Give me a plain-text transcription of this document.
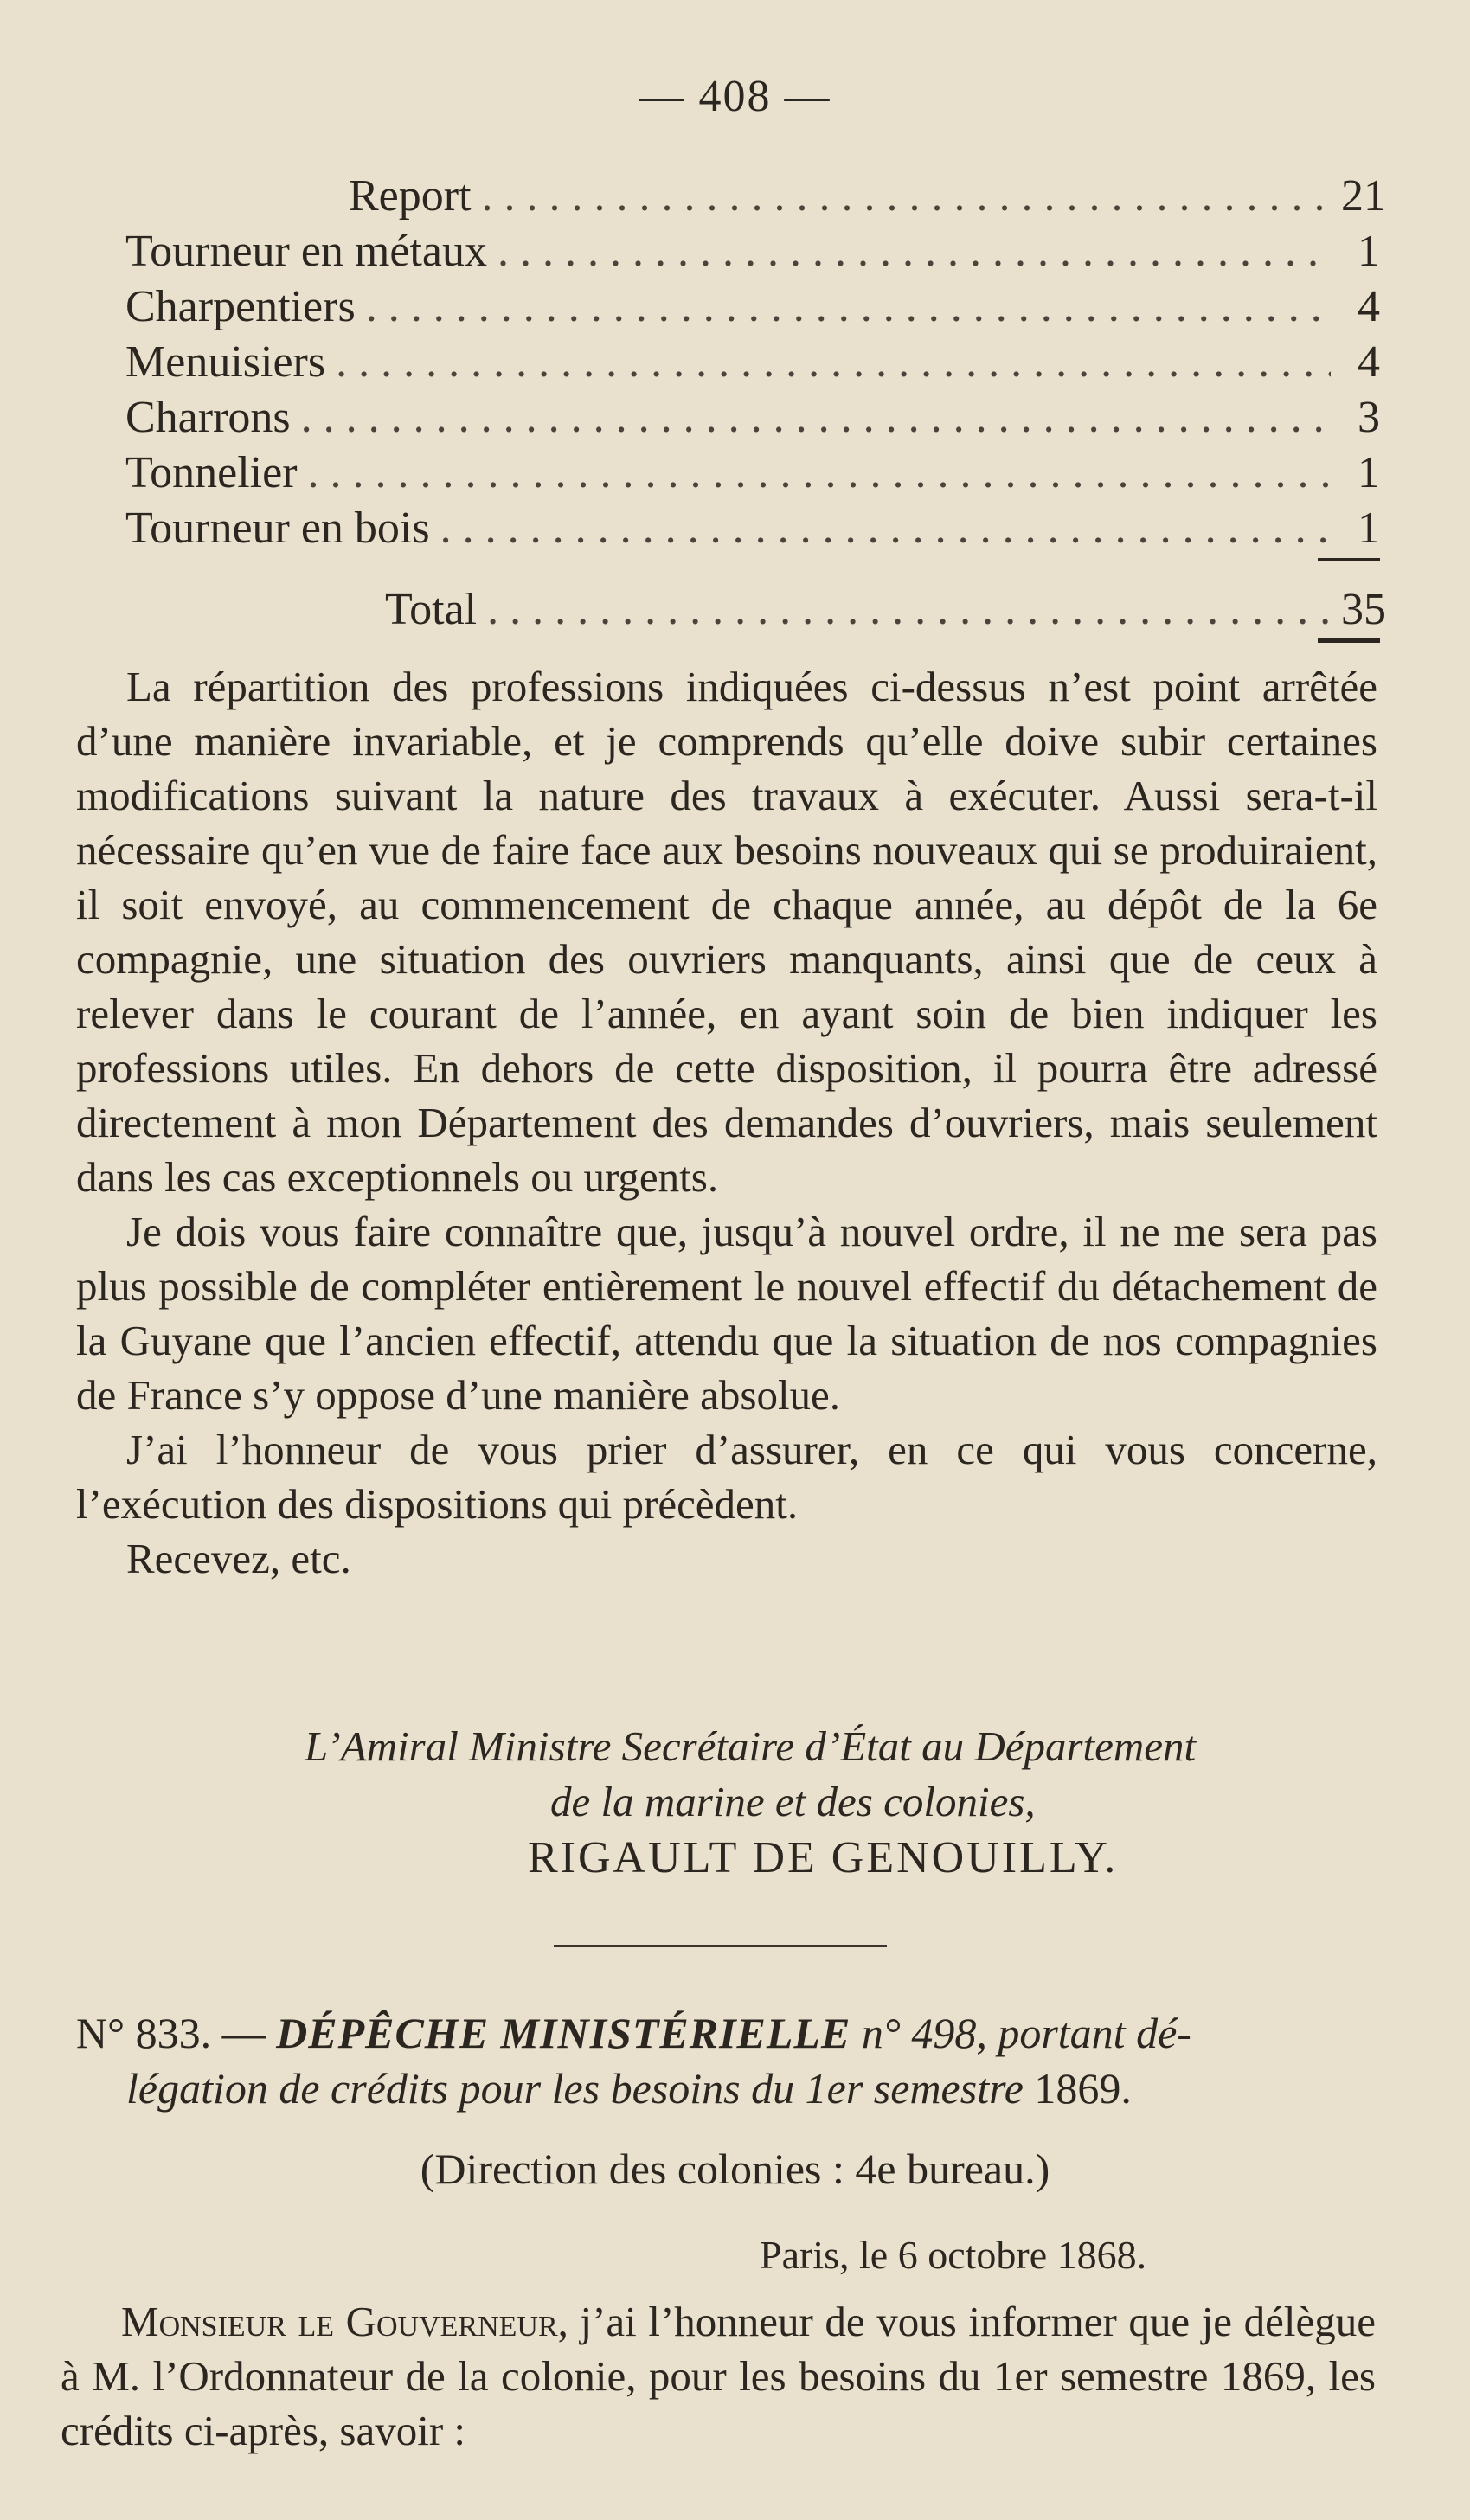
— 408 —
Report . . .	21
Tourneur en métaux . . .	1
Charpentiers . . .	4
Menuisiers . . .	4
Charrons . . .	3
Tonnelier . . .	1
Tourneur en bois . . .	1
Total . . .	35

La répartition des professions indiquées ci-dessus n’est point arrêtée d’une manière invariable, et je comprends qu’elle doive subir certaines modifications suivant la nature des travaux à exécuter. Aussi sera-t-il nécessaire qu’en vue de faire face aux besoins nouveaux qui se produiraient, il soit envoyé, au commencement de chaque année, au dépôt de la 6e compagnie, une situation des ouvriers manquants, ainsi que de ceux à relever dans le courant de l’année, en ayant soin de bien indiquer les professions utiles. En dehors de cette disposition, il pourra être adressé directement à mon Département des demandes d’ouvriers, mais seulement dans les cas exceptionnels ou urgents.

Je dois vous faire connaître que, jusqu’à nouvel ordre, il ne me sera pas plus possible de compléter entièrement le nouvel effectif du détachement de la Guyane que l’ancien effectif, attendu que la situation de nos compagnies de France s’y oppose d’une manière absolue.

J’ai l’honneur de vous prier d’assurer, en ce qui vous concerne, l’exécution des dispositions qui précèdent.

Recevez, etc.

L’Amiral Ministre Secrétaire d’État au Département
de la marine et des colonies,
RIGAULT DE GENOUILLY.
N° 833. — DÉPÊCHE MINISTÉRIELLE n° 498, portant dé-
légation de crédits pour les besoins du 1er semestre 1869.
(Direction des colonies : 4e bureau.)
Paris, le 6 octobre 1868.

Monsieur le Gouverneur, j’ai l’honneur de vous informer que je délègue à M. l’Ordonnateur de la colonie, pour les besoins du 1er semestre 1869, les crédits ci-après, savoir :
